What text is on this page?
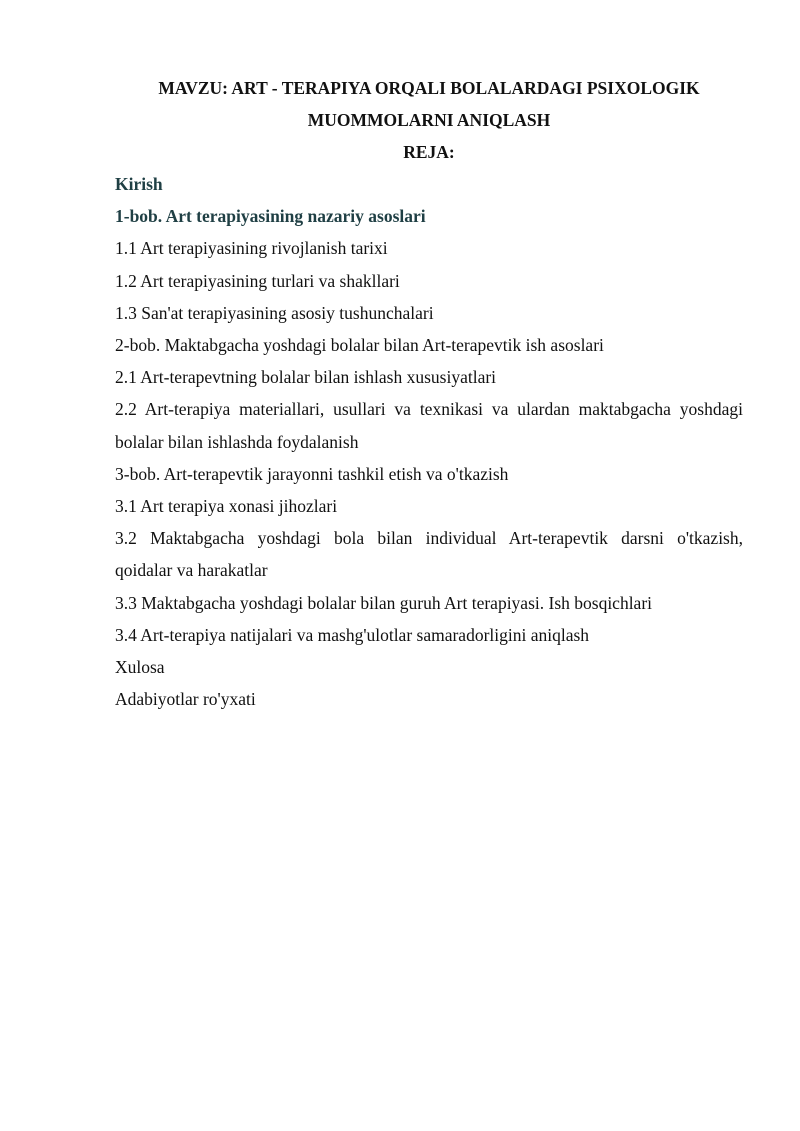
MAVZU: ART - TERAPIYA ORQALI BOLALARDAGI PSIXOLOGIK

MUOMMOLARNI ANIQLASH

REJA:

Kirish

1-bob. Art terapiyasining nazariy asoslari

1.1 Art terapiyasining rivojlanish tarixi

1.2 Art terapiyasining turlari va shakllari

1.3 San'at terapiyasining asosiy tushunchalari

2-bob. Maktabgacha yoshdagi bolalar bilan Art-terapevtik ish asoslari

2.1 Art-terapevtning bolalar bilan ishlash xususiyatlari

2.2 Art-terapiya materiallari, usullari va texnikasi va ulardan maktabgacha yoshdagi

bolalar bilan ishlashda foydalanish

3-bob. Art-terapevtik jarayonni tashkil etish va o'tkazish

3.1 Art terapiya xonasi jihozlari

3.2 Maktabgacha yoshdagi bola bilan individual Art-terapevtik darsni o'tkazish,

qoidalar va harakatlar

3.3 Maktabgacha yoshdagi bolalar bilan guruh Art terapiyasi. Ish bosqichlari

3.4 Art-terapiya natijalari va mashg'ulotlar samaradorligini aniqlash

Xulosa

Adabiyotlar ro'yxati
